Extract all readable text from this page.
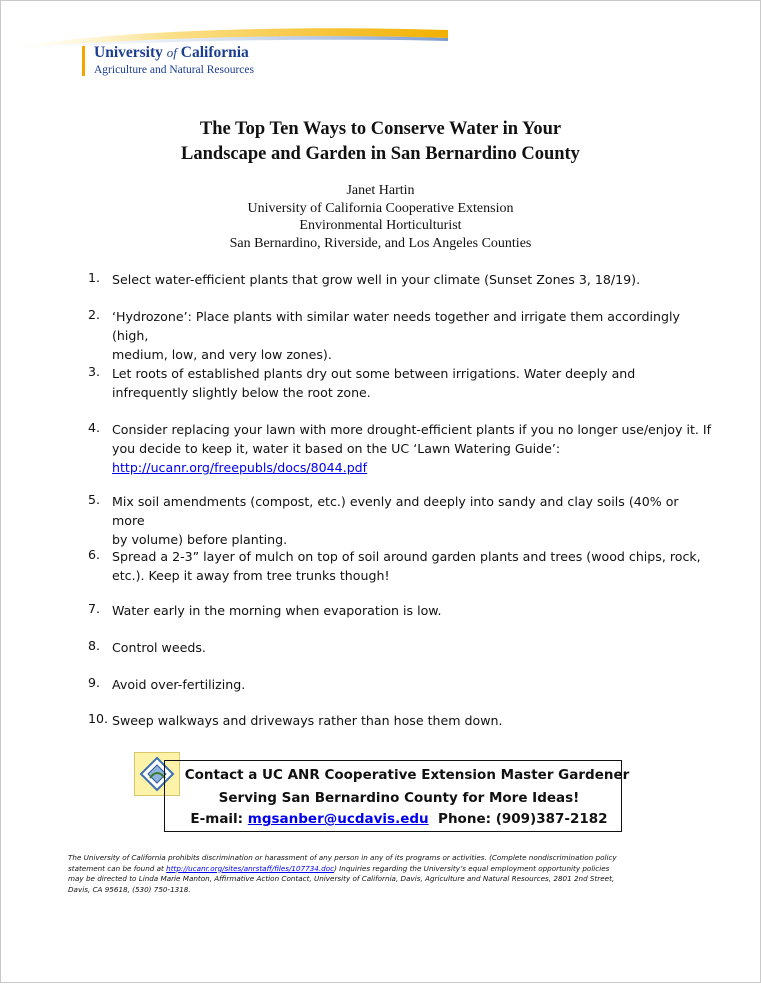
University of California
Agriculture and Natural Resources
The Top Ten Ways to Conserve Water in Your
Landscape and Garden in San Bernardino County
Janet Hartin
University of California Cooperative Extension
Environmental Horticulturist
San Bernardino, Riverside, and Los Angeles Counties
1. Select water-efficient plants that grow well in your climate (Sunset Zones 3, 18/19).
2. ‘Hydrozone’: Place plants with similar water needs together and irrigate them accordingly (high,
medium, low, and very low zones).
3. Let roots of established plants dry out some between irrigations. Water deeply and
infrequently slightly below the root zone.
4. Consider replacing your lawn with more drought-efficient plants if you no longer use/enjoy it. If
you decide to keep it, water it based on the UC ‘Lawn Watering Guide’:
http://ucanr.org/freepubls/docs/8044.pdf
5. Mix soil amendments (compost, etc.) evenly and deeply into sandy and clay soils (40% or more
by volume) before planting.
6. Spread a 2-3” layer of mulch on top of soil around garden plants and trees (wood chips, rock,
etc.). Keep it away from tree trunks though!
7. Water early in the morning when evaporation is low.
8. Control weeds.
9. Avoid over-fertilizing.
10. Sweep walkways and driveways rather than hose them down.
Contact a UC ANR Cooperative Extension Master Gardener
Serving San Bernardino County for More Ideas!
E-mail: mgsanber@ucdavis.edu  Phone: (909)387-2182
The University of California prohibits discrimination or harassment of any person in any of its programs or activities. (Complete nondiscrimination policy
statement can be found at http://ucanr.org/sites/anrstaff/files/107734.doc) Inquiries regarding the University’s equal employment opportunity policies
may be directed to Linda Marie Manton, Affirmative Action Contact, University of California, Davis, Agriculture and Natural Resources, 2801 2nd Street,
Davis, CA 95618, (530) 750-1318.
